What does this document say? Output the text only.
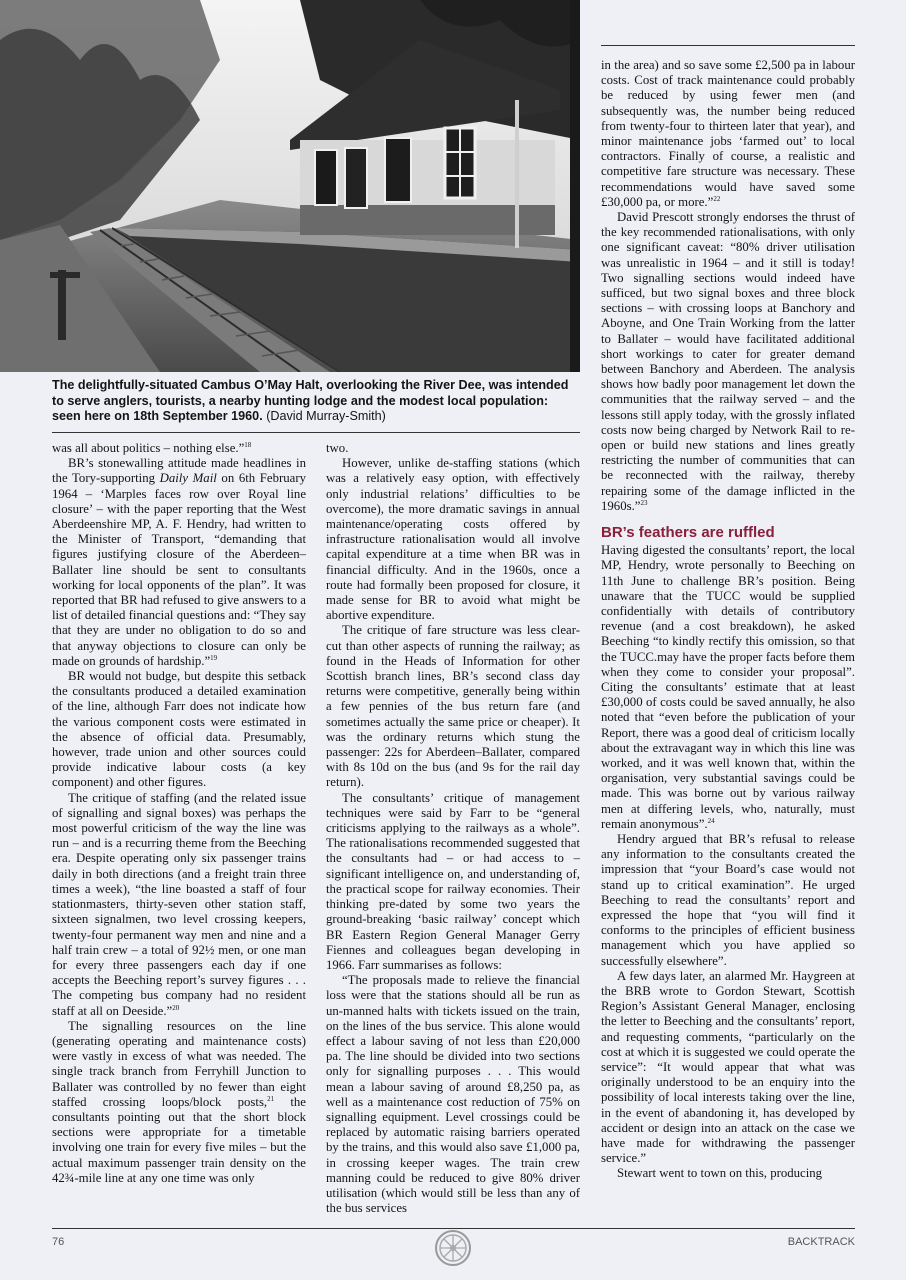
The delightfully-situated Cambus O’May Halt, overlooking the River Dee, was intended to serve anglers, tourists, a nearby hunting lodge and the modest local population: seen here on 18th September 1960. (David Murray-Smith)

was all about politics – nothing else.”$^{18}$

BR’s stonewalling attitude made headlines in the Tory-supporting Daily Mail on 6th February 1964 – ‘Marples faces row over Royal line closure’ – with the paper reporting that the West Aberdeenshire MP, A. F. Hendry, had written to the Minister of Transport, “demanding that figures justifying closure of the Aberdeen–Ballater line should be sent to consultants working for local opponents of the plan”. It was reported that BR had refused to give answers to a list of detailed financial questions and: “They say that they are under no obligation to do so and that anyway objections to closure can only be made on grounds of hardship.”$^{19}$

BR would not budge, but despite this setback the consultants produced a detailed examination of the line, although Farr does not indicate how the various component costs were estimated in the absence of official data. Presumably, however, trade union and other sources could provide indicative labour costs (a key component) and other figures.

The critique of staffing (and the related issue of signalling and signal boxes) was perhaps the most powerful criticism of the way the line was run – and is a recurring theme from the Beeching era. Despite operating only six passenger trains daily in both directions (and a freight train three times a week), “the line boasted a staff of four stationmasters, thirty-seven other station staff, sixteen signalmen, two level crossing keepers, twenty-four permanent way men and nine and a half train crew – a total of 92½ men, or one man for every three passengers each day if one accepts the Beeching report’s survey figures . . . The competing bus company had no resident staff at all on Deeside.”$^{20}$

The signalling resources on the line (generating operating and maintenance costs) were vastly in excess of what was needed. The single track branch from Ferryhill Junction to Ballater was controlled by no fewer than eight staffed crossing loops/block posts,$^{21}$ the consultants pointing out that the short block sections were appropriate for a timetable involving one train for every five miles – but the actual maximum passenger train density on the 42¾-mile line at any one time was only

two.

However, unlike de-staffing stations (which was a relatively easy option, with effectively only industrial relations’ difficulties to be overcome), the more dramatic savings in annual maintenance/operating costs offered by infrastructure rationalisation would all involve capital expenditure at a time when BR was in financial difficulty. And in the 1960s, once a route had formally been proposed for closure, it made sense for BR to avoid what might be abortive expenditure.

The critique of fare structure was less clear-cut than other aspects of running the railway; as found in the Heads of Information for other Scottish branch lines, BR’s second class day returns were competitive, generally being within a few pennies of the bus return fare (and sometimes actually the same price or cheaper). It was the ordinary returns which stung the passenger: 22s for Aberdeen–Ballater, compared with 8s 10d on the bus (and 9s for the rail day return).

The consultants’ critique of management techniques were said by Farr to be “general criticisms applying to the railways as a whole”. The rationalisations recommended suggested that the consultants had – or had access to – significant intelligence on, and understanding of, the practical scope for railway economies. Their thinking pre-dated by some two years the ground-breaking ‘basic railway’ concept which BR Eastern Region General Manager Gerry Fiennes and colleagues began developing in 1966. Farr summarises as follows:

“The proposals made to relieve the financial loss were that the stations should all be run as un-manned halts with tickets issued on the train, on the lines of the bus service. This alone would effect a labour saving of not less than £20,000 pa. The line should be divided into two sections only for signalling purposes . . . This would mean a labour saving of around £8,250 pa, as well as a maintenance cost reduction of 75% on signalling equipment. Level crossings could be replaced by automatic raising barriers operated by the trains, and this would also save £1,000 pa, in crossing keeper wages. The train crew manning could be reduced to give 80% driver utilisation (which would still be less than any of the bus services

in the area) and so save some £2,500 pa in labour costs. Cost of track maintenance could probably be reduced by using fewer men (and subsequently was, the number being reduced from twenty-four to thirteen later that year), and minor maintenance jobs ‘farmed out’ to local contractors. Finally of course, a realistic and competitive fare structure was necessary. These recommendations would have saved some £30,000 pa, or more.”$^{22}$

David Prescott strongly endorses the thrust of the key recommended rationalisations, with only one significant caveat: “80% driver utilisation was unrealistic in 1964 – and it still is today! Two signalling sections would indeed have sufficed, but two signal boxes and three block sections – with crossing loops at Banchory and Aboyne, and One Train Working from the latter to Ballater – would have facilitated additional short workings to cater for greater demand between Banchory and Aberdeen. The analysis shows how badly poor management let down the communities that the railway served – and the lessons still apply today, with the grossly inflated costs now being charged by Network Rail to re-open or build new stations and lines greatly restricting the number of communities that can be reconnected with the railway, thereby repairing some of the damage inflicted in the 1960s.”$^{23}$

BR’s feathers are ruffled

Having digested the consultants’ report, the local MP, Hendry, wrote personally to Beeching on 11th June to challenge BR’s position. Being unaware that the TUCC would be supplied confidentially with details of contributory revenue (and a cost breakdown), he asked Beeching “to kindly rectify this omission, so that the TUCC.may have the proper facts before them when they come to consider your proposal”. Citing the consultants’ estimate that at least £30,000 of costs could be saved annually, he also noted that “even before the publication of your Report, there was a good deal of criticism locally about the extravagant way in which this line was worked, and it was well known that, within the organisation, very substantial savings could be made. This was borne out by various railway men at differing levels, who, naturally, must remain anonymous”.$^{24}$

Hendry argued that BR’s refusal to release any information to the consultants created the impression that “your Board’s case would not stand up to critical examination”. He urged Beeching to read the consultants’ report and expressed the hope that “you will find it conforms to the principles of efficient business management which you have applied so successfully elsewhere”.

A few days later, an alarmed Mr. Haygreen at the BRB wrote to Gordon Stewart, Scottish Region’s Assistant General Manager, enclosing the letter to Beeching and the consultants’ report, and requesting comments, “particularly on the cost at which it is suggested we could operate the service”: “It would appear that what was originally understood to be an enquiry into the possibility of local interests taking over the line, in the event of abandoning it, has developed by accident or design into an attack on the case we have made for withdrawing the passenger service.”

Stewart went to town on this, producing

76	BACKTRACK
